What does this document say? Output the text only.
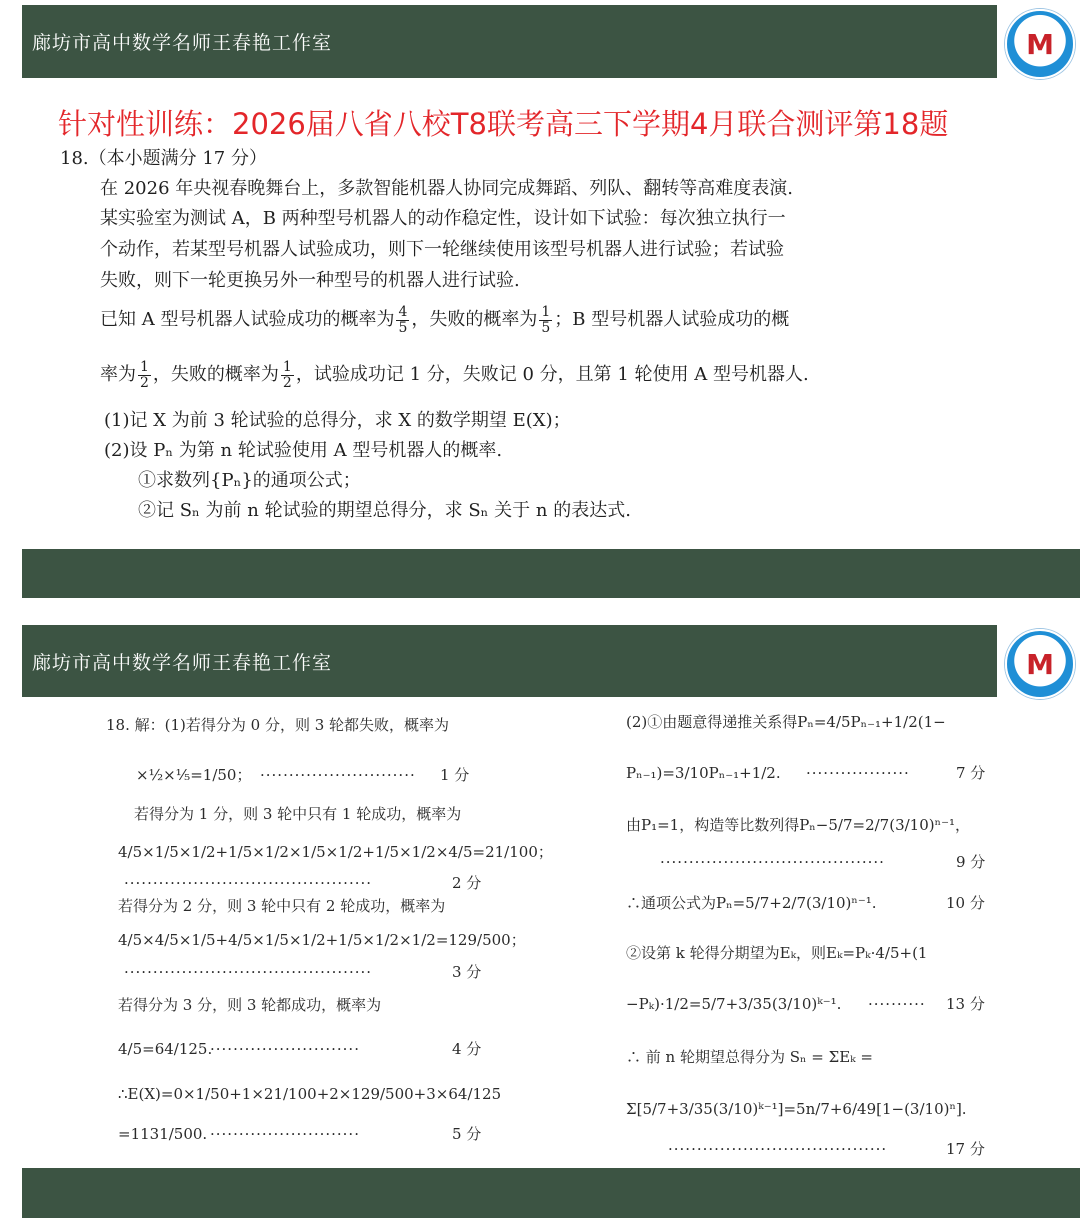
廊坊市高中数学名师王春艳工作室	M
针对性训练：2026届八省八校T8联考高三下学期4月联合测评第18题
18.（本小题满分 17 分）
在 2026 年央视春晚舞台上，多款智能机器人协同完成舞蹈、列队、翻转等高难度表演.
某实验室为测试 A，B 两种型号机器人的动作稳定性，设计如下试验：每次独立执行一
个动作，若某型号机器人试验成功，则下一轮继续使用该型号机器人进行试验；若试验
失败，则下一轮更换另外一种型号的机器人进行试验.
已知 A 型号机器人试验成功的概率为 $\frac{4}{5}$ ，失败的概率为 $\frac{1}{5}$ ；B 型号机器人试验成功的概
率为 $\frac{1}{2}$ ，失败的概率为 $\frac{1}{2}$ ，试验成功记 1 分，失败记 0 分，且第 1 轮使用 A 型号机器人.
(1)记 X 为前 3 轮试验的总得分，求 X 的数学期望 E(X)；
(2)设 Pₙ 为第 n 轮试验使用 A 型号机器人的概率.
①求数列{Pₙ}的通项公式；
②记 Sₙ 为前 n 轮试验的期望总得分，求 Sₙ 关于 n 的表达式.
廊坊市高中数学名师王春艳工作室	M
18. 解：(1)若得分为 0 分，则 3 轮都失败，概率为
×½×⅕=1/50； ··························· 1 分
若得分为 1 分，则 3 轮中只有 1 轮成功，概率为
4/5×1/5×1/2+1/5×1/2×1/5×1/2+1/5×1/2×4/5=21/100；
···········································	2 分
若得分为 2 分，则 3 轮中只有 2 轮成功，概率为
4/5×4/5×1/5+4/5×1/5×1/2+1/5×1/2×1/2=129/500；
···········································	3 分
若得分为 3 分，则 3 轮都成功，概率为
4/5=64/125.
··························	4 分
∴E(X)=0×1/50+1×21/100+2×129/500+3×64/125
=1131/500. ··························	5 分
(2)①由题意得递推关系得Pₙ=4/5Pₙ₋₁+1/2(1−
Pₙ₋₁)=3/10Pₙ₋₁+1/2. ··················	7 分
由P₁=1，构造等比数列得Pₙ−5/7=2/7(3/10)ⁿ⁻¹，
·······································	9 分
∴通项公式为Pₙ=5/7+2/7(3/10)ⁿ⁻¹.	10 分
②设第 k 轮得分期望为Eₖ，则Eₖ=Pₖ·4/5+(1
−Pₖ)·1/2=5/7+3/35(3/10)ᵏ⁻¹. ·········· 13 分
∴ 前 n 轮期望总得分为 Sₙ = ΣEₖ =
Σ[5/7+3/35(3/10)ᵏ⁻¹]=5n/7+6/49[1−(3/10)ⁿ].
······································	17 分
